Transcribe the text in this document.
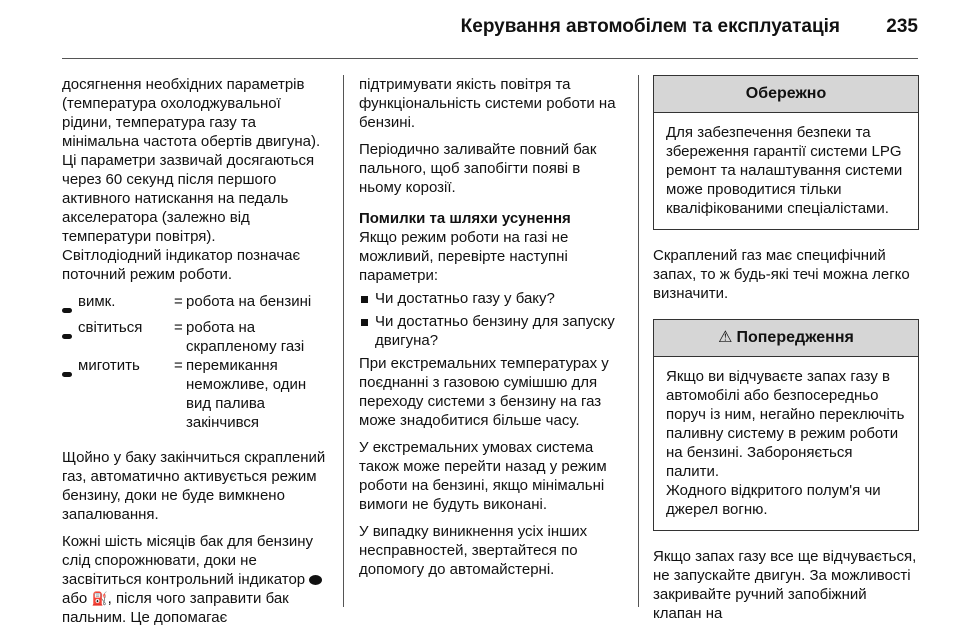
Керування автомобілем та експлуатація 235

досягнення необхідних параметрів (температура охолоджувальної рідини, температура газу та мінімальна частота обертів двигуна). Ці параметри зазвичай досягаються через 60 секунд після першого активного натискання на педаль акселератора (залежно від температури повітря).

Світлодіодний індикатор позначає поточний режим роботи.

вимк.	= робота на бензині
світиться	= робота на скрапленому газі
миготить	= перемикання неможливе, один вид палива закінчився

Щойно у баку закінчиться скраплений газ, автоматично активується режим бензину, доки не буде вимкнено запалювання.

Кожні шість місяців бак для бензину слід спорожнювати, доки не засвітиться контрольний індикатор  або ⛽, після чого заправити бак пальним. Це допомагає

підтримувати якість повітря та функціональність системи роботи на бензині.

Періодично заливайте повний бак пального, щоб запобігти появі в ньому корозії.

Помилки та шляхи усунення

Якщо режим роботи на газі не можливий, перевірте наступні параметри:

Чи достатньо газу у баку?
Чи достатньо бензину для запуску двигуна?

При екстремальних температурах у поєднанні з газовою сумішшю для переходу системи з бензину на газ може знадобитися більше часу.

У екстремальних умовах система також може перейти назад у режим роботи на бензині, якщо мінімальні вимоги не будуть виконані.

У випадку виникнення усіх інших несправностей, звертайтеся по допомогу до автомайстерні.

Обережно
Для забезпечення безпеки та збереження гарантії системи LPG ремонт та налаштування системи може проводитися тільки кваліфікованими спеціалістами.

Скраплений газ має специфічний запах, то ж будь-які течі можна легко визначити.

⚠ Попередження
Якщо ви відчуваєте запах газу в автомобілі або безпосередньо поруч із ним, негайно переключіть паливну систему в режим роботи на бензині. Забороняється палити.
Жодного відкритого полум'я чи джерел вогню.

Якщо запах газу все ще відчувається, не запускайте двигун. За можливості закривайте ручний запобіжний клапан на
